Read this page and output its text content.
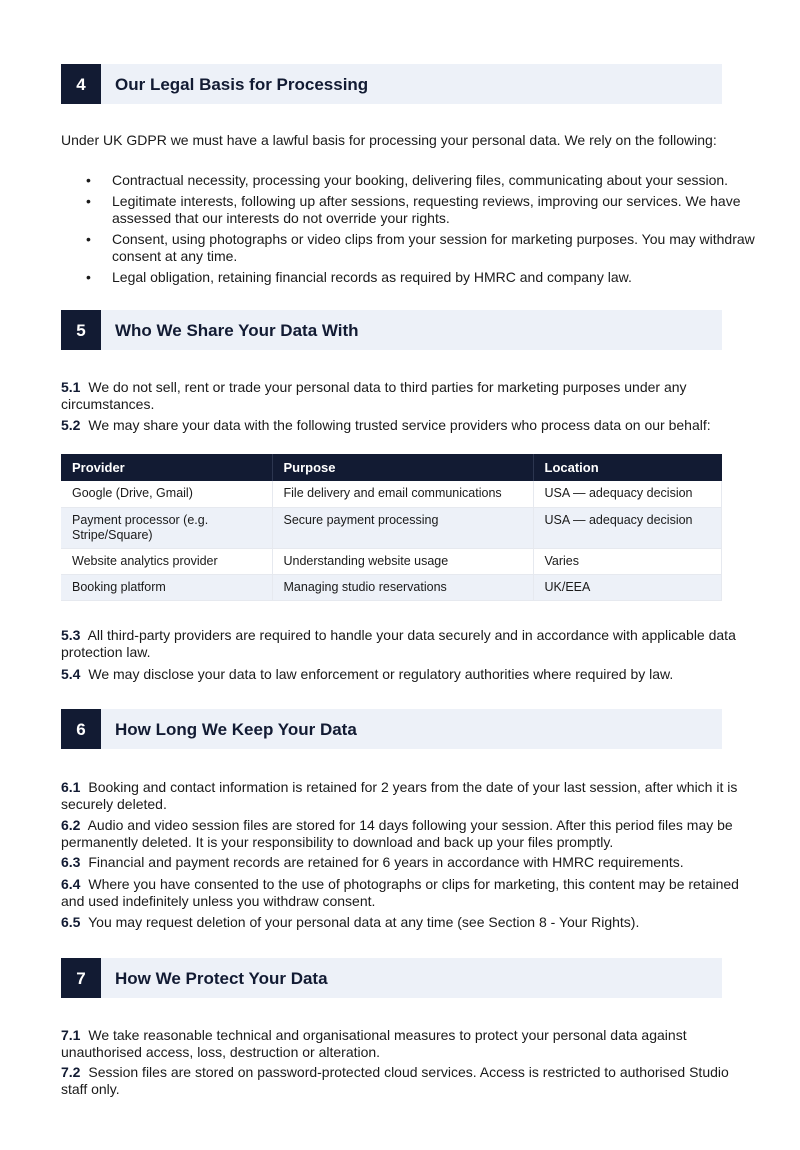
4	Our Legal Basis for Processing
Under UK GDPR we must have a lawful basis for processing your personal data. We rely on the following:
• Contractual necessity, processing your booking, delivering files, communicating about your session.
• Legitimate interests, following up after sessions, requesting reviews, improving our services. We have assessed that our interests do not override your rights.
• Consent, using photographs or video clips from your session for marketing purposes. You may withdraw consent at any time.
• Legal obligation, retaining financial records as required by HMRC and company law.
5	Who We Share Your Data With
5.1 We do not sell, rent or trade your personal data to third parties for marketing purposes under any circumstances.
5.2 We may share your data with the following trusted service providers who process data on our behalf:
Provider	Purpose	Location
Google (Drive, Gmail)	File delivery and email communications	USA — adequacy decision
Payment processor (e.g. Stripe/Square)	Secure payment processing	USA — adequacy decision
Website analytics provider	Understanding website usage	Varies
Booking platform	Managing studio reservations	UK/EEA
5.3 All third-party providers are required to handle your data securely and in accordance with applicable data protection law.
5.4 We may disclose your data to law enforcement or regulatory authorities where required by law.
6	How Long We Keep Your Data
6.1 Booking and contact information is retained for 2 years from the date of your last session, after which it is securely deleted.
6.2 Audio and video session files are stored for 14 days following your session. After this period files may be permanently deleted. It is your responsibility to download and back up your files promptly.
6.3 Financial and payment records are retained for 6 years in accordance with HMRC requirements.
6.4 Where you have consented to the use of photographs or clips for marketing, this content may be retained and used indefinitely unless you withdraw consent.
6.5 You may request deletion of your personal data at any time (see Section 8 - Your Rights).
7	How We Protect Your Data
7.1 We take reasonable technical and organisational measures to protect your personal data against unauthorised access, loss, destruction or alteration.
7.2 Session files are stored on password-protected cloud services. Access is restricted to authorised Studio staff only.
